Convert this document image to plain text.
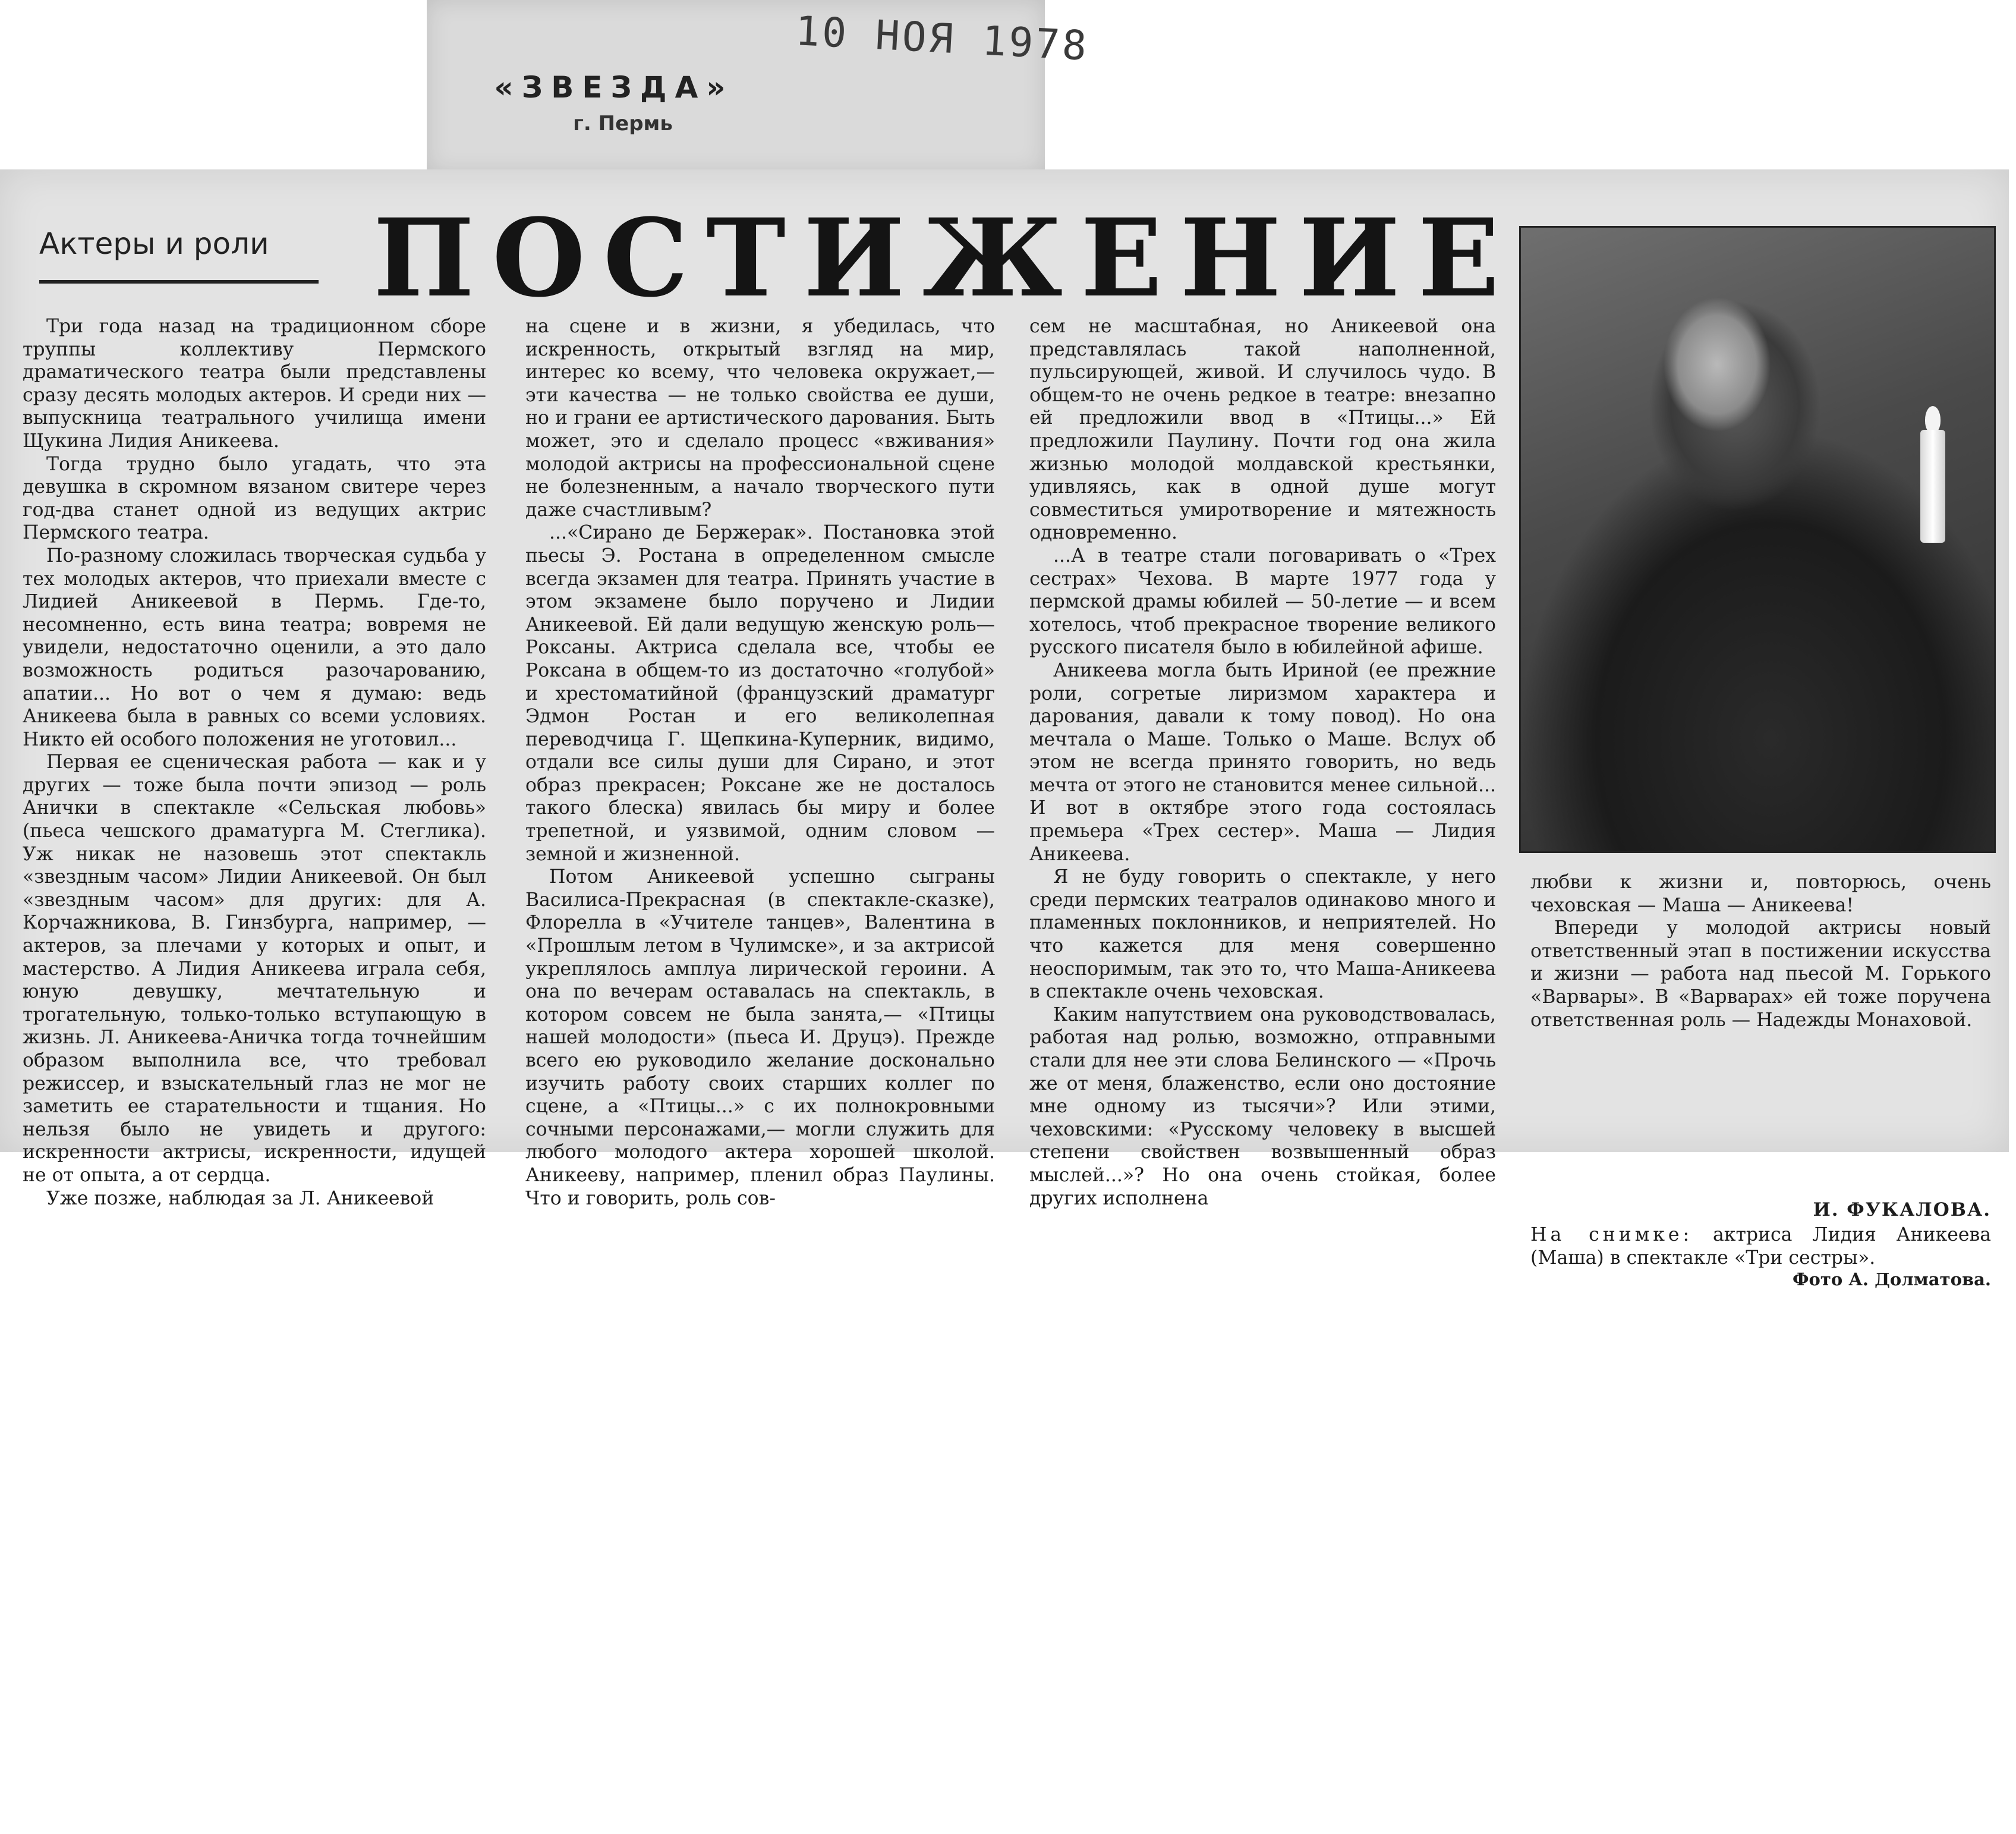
10 НОЯ 1978
«ЗВЕЗДА»
г. Пермь
Актеры и роли ПОСТИЖЕНИЕ

Три года назад на традиционном сборе труппы коллективу Пермского драматического театра были представлены сразу десять молодых актеров. И среди них — выпускница театрального училища имени Щукина Лидия Аникеева.

Тогда трудно было угадать, что эта девушка в скромном вязаном свитере через год-два станет одной из ведущих актрис Пермского театра.

По-разному сложилась творческая судьба у тех молодых актеров, что приехали вместе с Лидией Аникеевой в Пермь. Где-то, несомненно, есть вина театра; вовремя не увидели, недостаточно оценили, а это дало возможность родиться разочарованию, апатии... Но вот о чем я думаю: ведь Аникеева была в равных со всеми условиях. Никто ей особого положения не уготовил...

Первая ее сценическая работа — как и у других — тоже была почти эпизод — роль Анички в спектакле «Сельская любовь» (пьеса чешского драматурга М. Стеглика). Уж никак не назовешь этот спектакль «звездным часом» Лидии Аникеевой. Он был «звездным часом» для других: для А. Корчажникова, В. Гинзбурга, например, — актеров, за плечами у которых и опыт, и мастерство. А Лидия Аникеева играла себя, юную девушку, мечтательную и трогательную, только-только вступающую в жизнь. Л. Аникеева-Аничка тогда точнейшим образом выполнила все, что требовал режиссер, и взыскательный глаз не мог не заметить ее старательности и тщания. Но нельзя было не увидеть и другого: искренности актрисы, искренности, идущей не от опыта, а от сердца.

Уже позже, наблюдая за Л. Аникеевой

на сцене и в жизни, я убедилась, что искренность, открытый взгляд на мир, интерес ко всему, что человека окружает,— эти качества — не только свойства ее души, но и грани ее артистического дарования. Быть может, это и сделало процесс «вживания» молодой актрисы на профессиональной сцене не болезненным, а начало творческого пути даже счастливым?

...«Сирано де Бержерак». Постановка этой пьесы Э. Ростана в определенном смысле всегда экзамен для театра. Принять участие в этом экзамене было поручено и Лидии Аникеевой. Ей дали ведущую женскую роль—Роксаны. Актриса сделала все, чтобы ее Роксана в общем-то из достаточно «голубой» и хрестоматийной (французский драматург Эдмон Ростан и его великолепная переводчица Г. Щепкина-Куперник, видимо, отдали все силы души для Сирано, и этот образ прекрасен; Роксане же не досталось такого блеска) явилась бы миру и более трепетной, и уязвимой, одним словом — земной и жизненной.

Потом Аникеевой успешно сыграны Василиса-Прекрасная (в спектакле-сказке), Флорелла в «Учителе танцев», Валентина в «Прошлым летом в Чулимске», и за актрисой укреплялось амплуа лирической героини. А она по вечерам оставалась на спектакль, в котором совсем не была занята,— «Птицы нашей молодости» (пьеса И. Друцэ). Прежде всего ею руководило желание досконально изучить работу своих старших коллег по сцене, а «Птицы...» с их полнокровными сочными персонажами,— могли служить для любого молодого актера хорошей школой. Аникееву, например, пленил образ Паулины. Что и говорить, роль сов-

сем не масштабная, но Аникеевой она представлялась такой наполненной, пульсирующей, живой. И случилось чудо. В общем-то не очень редкое в театре: внезапно ей предложили ввод в «Птицы...» Ей предложили Паулину. Почти год она жила жизнью молодой молдавской крестьянки, удивляясь, как в одной душе могут совместиться умиротворение и мятежность одновременно.

...А в театре стали поговаривать о «Трех сестрах» Чехова. В марте 1977 года у пермской драмы юбилей — 50-летие — и всем хотелось, чтоб прекрасное творение великого русского писателя было в юбилейной афише.

Аникеева могла быть Ириной (ее прежние роли, согретые лиризмом характера и дарования, давали к тому повод). Но она мечтала о Маше. Только о Маше. Вслух об этом не всегда принято говорить, но ведь мечта от этого не становится менее сильной... И вот в октябре этого года состоялась премьера «Трех сестер». Маша — Лидия Аникеева.

Я не буду говорить о спектакле, у него среди пермских театралов одинаково много и пламенных поклонников, и неприятелей. Но что кажется для меня совершенно неоспоримым, так это то, что Маша-Аникеева в спектакле очень чеховская.

Каким напутствием она руководствовалась, работая над ролью, возможно, отправными стали для нее эти слова Белинского — «Прочь же от меня, блаженство, если оно достояние мне одному из тысячи»? Или этими, чеховскими: «Русскому человеку в высшей степени свойствен возвышенный образ мыслей...»? Но она очень стойкая, более других исполнена

любви к жизни и, повторюсь, очень чеховская — Маша — Аникеева!

Впереди у молодой актрисы новый ответственный этап в постижении искусства и жизни — работа над пьесой М. Горького «Варвары». В «Варварах» ей тоже поручена ответственная роль — Надежды Монаховой.

И. ФУКАЛОВА.
На снимке: актриса Лидия Аникеева (Маша) в спектакле «Три сестры».
Фото А. Долматова.
